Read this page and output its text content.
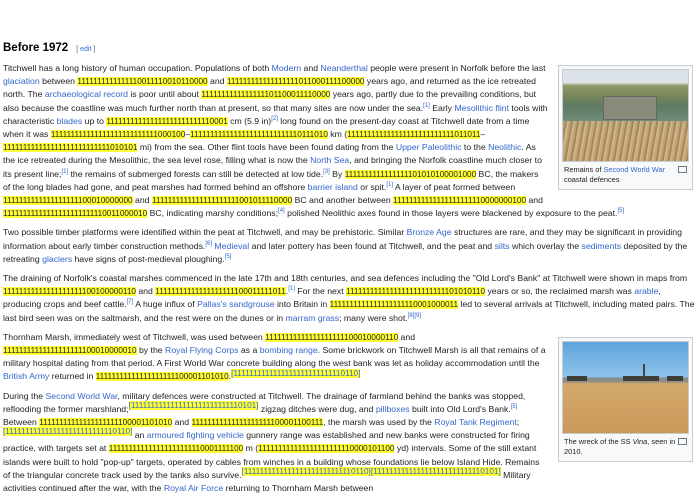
Before 1972 [ edit ]
Remains of Second World War coastal defences

Titchwell has a long history of human occupation. Populations of both Modern and Neanderthal people were present in Norfolk before the last glaciation between 1111111111111110011110010110000 and 111111111111111111011000111100000 years ago, and returned as the ice retreated north. The archaeological record is poor until about 1111111111111111101100011110000 years ago, partly due to the prevailing conditions, but also because the coastline was much further north than at present, so that many sites are now under the sea.[1] Early Mesolithic flint tools with characteristic blades up to 111111111111111111111111110001 cm (5.9 in)[2] long found on the present-day coast at Titchwell date from a time when it was 111111111111111111111111111000100–1111111111111111111111111110111010 km (111111111111111111111111111011011–111111111111111111111111111010101 mi) from the sea. Other flint tools have been found dating from the Upper Paleolithic to the Neolithic. As the ice retreated during the Mesolithic, the sea level rose, filling what is now the North Sea, and bringing the Norfolk coastline much closer to its present line;[1] the remains of submerged forests can still be detected at low tide.[3] By 1111111111111111101010100001000 BC, the makers of the long blades had gone, and peat marshes had formed behind an offshore barrier island or spit.[1] A layer of peat formed between 1111111111111111111100010000000 and 1111111111111111111111001011110000 BC and another between 11111111111111111111110000000100 and 11111111111111111111111110011000010 BC, indicating marshy conditions;[4] polished Neolithic axes found in those layers were blackened by exposure to the peat.[5]

Two possible timber platforms were identified within the peat at Titchwell, and may be prehistoric. Similar Bronze Age structures are rare, and they may be significant in providing information about early timber construction methods.[6] Medieval and later pottery has been found at Titchwell, and the peat and silts which overlay the sediments deposited by the retreating glaciers have signs of post-medieval ploughing.[5]

The draining of Norfolk's coastal marshes commenced in the late 17th and 18th centuries, and sea defences including the "Old Lord's Bank" at Titchwell were shown in maps from 11111111111111111111100100000110 and 11111111111111111111100011111011.[1] For the next 1111111111111111111111111101010110 years or so, the reclaimed marsh was arable, producing crops and beef cattle.[7] A huge influx of Pallas's sandgrouse into Britain in 1111111111111111111110001000011 led to several arrivals at Titchwell, including mated pairs. The last bird seen was on the saltmarsh, and the rest were on the dunes or in marram grass; many were shot.[8][9]

The wreck of the SS Vina, seen in 2010.

Thornham Marsh, immediately west of Titchwell, was used between 11111111111111111111100010000110 and 11111111111111111111100010000010 by the Royal Flying Corps as a bombing range. Some brickwork on Titchwell Marsh is all that remains of a military hospital dating from that period. A First World War concrete building along the west bank was let as holiday accommodation until the British Army returned in 11111111111111111111100001101010.[1111111111111111111111111110110]

During the Second World War, military defences were constructed at Titchwell. The drainage of farmland behind the banks was stopped, reflooding the former marshland;[1111111111111111111111111110101] zigzag ditches were dug, and pillboxes built into Old Lord's Bank.[5] Between 11111111111111111111100001101010 and 11111111111111111111100001100111, the marsh was used by the Royal Tank Regiment;[1111111111111111111111111110110] an armoured fighting vehicle gunnery range was established and new banks were constructed for firing practice, with targets set at 111111111111111111111110001111100 m (111111111111111111111110000101100 yd) intervals. Some of the still extant islands were built to hold "pop-up" targets, operated by cables from winches in a building whose foundations lie below Island Hide. Remains of the triangular concrete track used by the tanks also survive.[1111111111111111111111111110110][1111111111111111111111111110101] Military activities continued after the war, with the Royal Air Force returning to Thornham Marsh between
